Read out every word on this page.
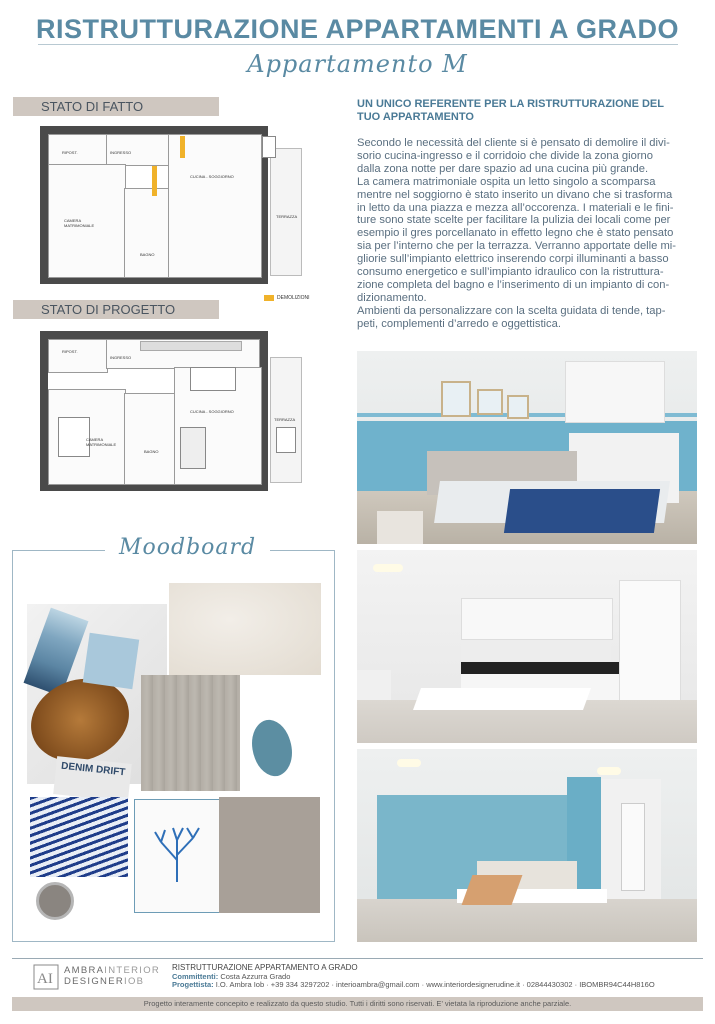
RISTRUTTURAZIONE APPARTAMENTI A GRADO
Appartamento M
STATO DI FATTO
RIPOST.	INGRESSO
CUCINA - SOGGIORNO
CAMERA MATRIMONIALE
BAGNO
TERRAZZA
DEMOLIZIONI
STATO DI PROGETTO
RIPOST.
INGRESSO
CUCINA - SOGGIORNO
CAMERA MATRIMONIALE
BAGNO
TERRAZZA
UN UNICO REFERENTE PER LA RISTRUTTURAZIONE DEL TUO APPARTAMENTO
Secondo le necessità del cliente si è pensato di demolire il divi-
sorio cucina-ingresso e il corridoio che divide la zona giorno
dalla zona notte per dare spazio ad una cucina più grande.
La camera matrimoniale ospita un letto singolo a scomparsa
mentre nel soggiorno è stato inserito un divano che si trasforma
in letto da una piazza e mezza all’occorenza. I materiali e le fini-
ture sono state scelte per facilitare la pulizia dei locali come per
esempio il gres porcellanato in effetto legno che è stato pensato
sia per l’interno che per la terrazza. Verranno apportate delle mi-
gliorie sull’impianto elettrico inserendo corpi illuminanti a basso
consumo energetico e sull’impianto idraulico con la ristruttura-
zione completa del bagno e l’inserimento di un impianto di con-
dizionamento.
Ambienti da personalizzare con la scelta guidata di tende, tap-
peti, complementi d’arredo e oggettistica.
Moodboard
DENIM DRIFT
AI
AMBRAINTERIOR
DESIGNERIOB
RISTRUTTURAZIONE APPARTAMENTO A GRADO
Committenti: Costa Azzurra Grado
Progettista: I.O. Ambra Iob · +39 334 3297202 · interioambra@gmail.com · www.interiordesignerudine.it · 02844430302 · IBOMBR94C44H816O
Progetto interamente concepito e realizzato da questo studio. Tutti i diritti sono riservati. E’ vietata la riproduzione anche parziale.
